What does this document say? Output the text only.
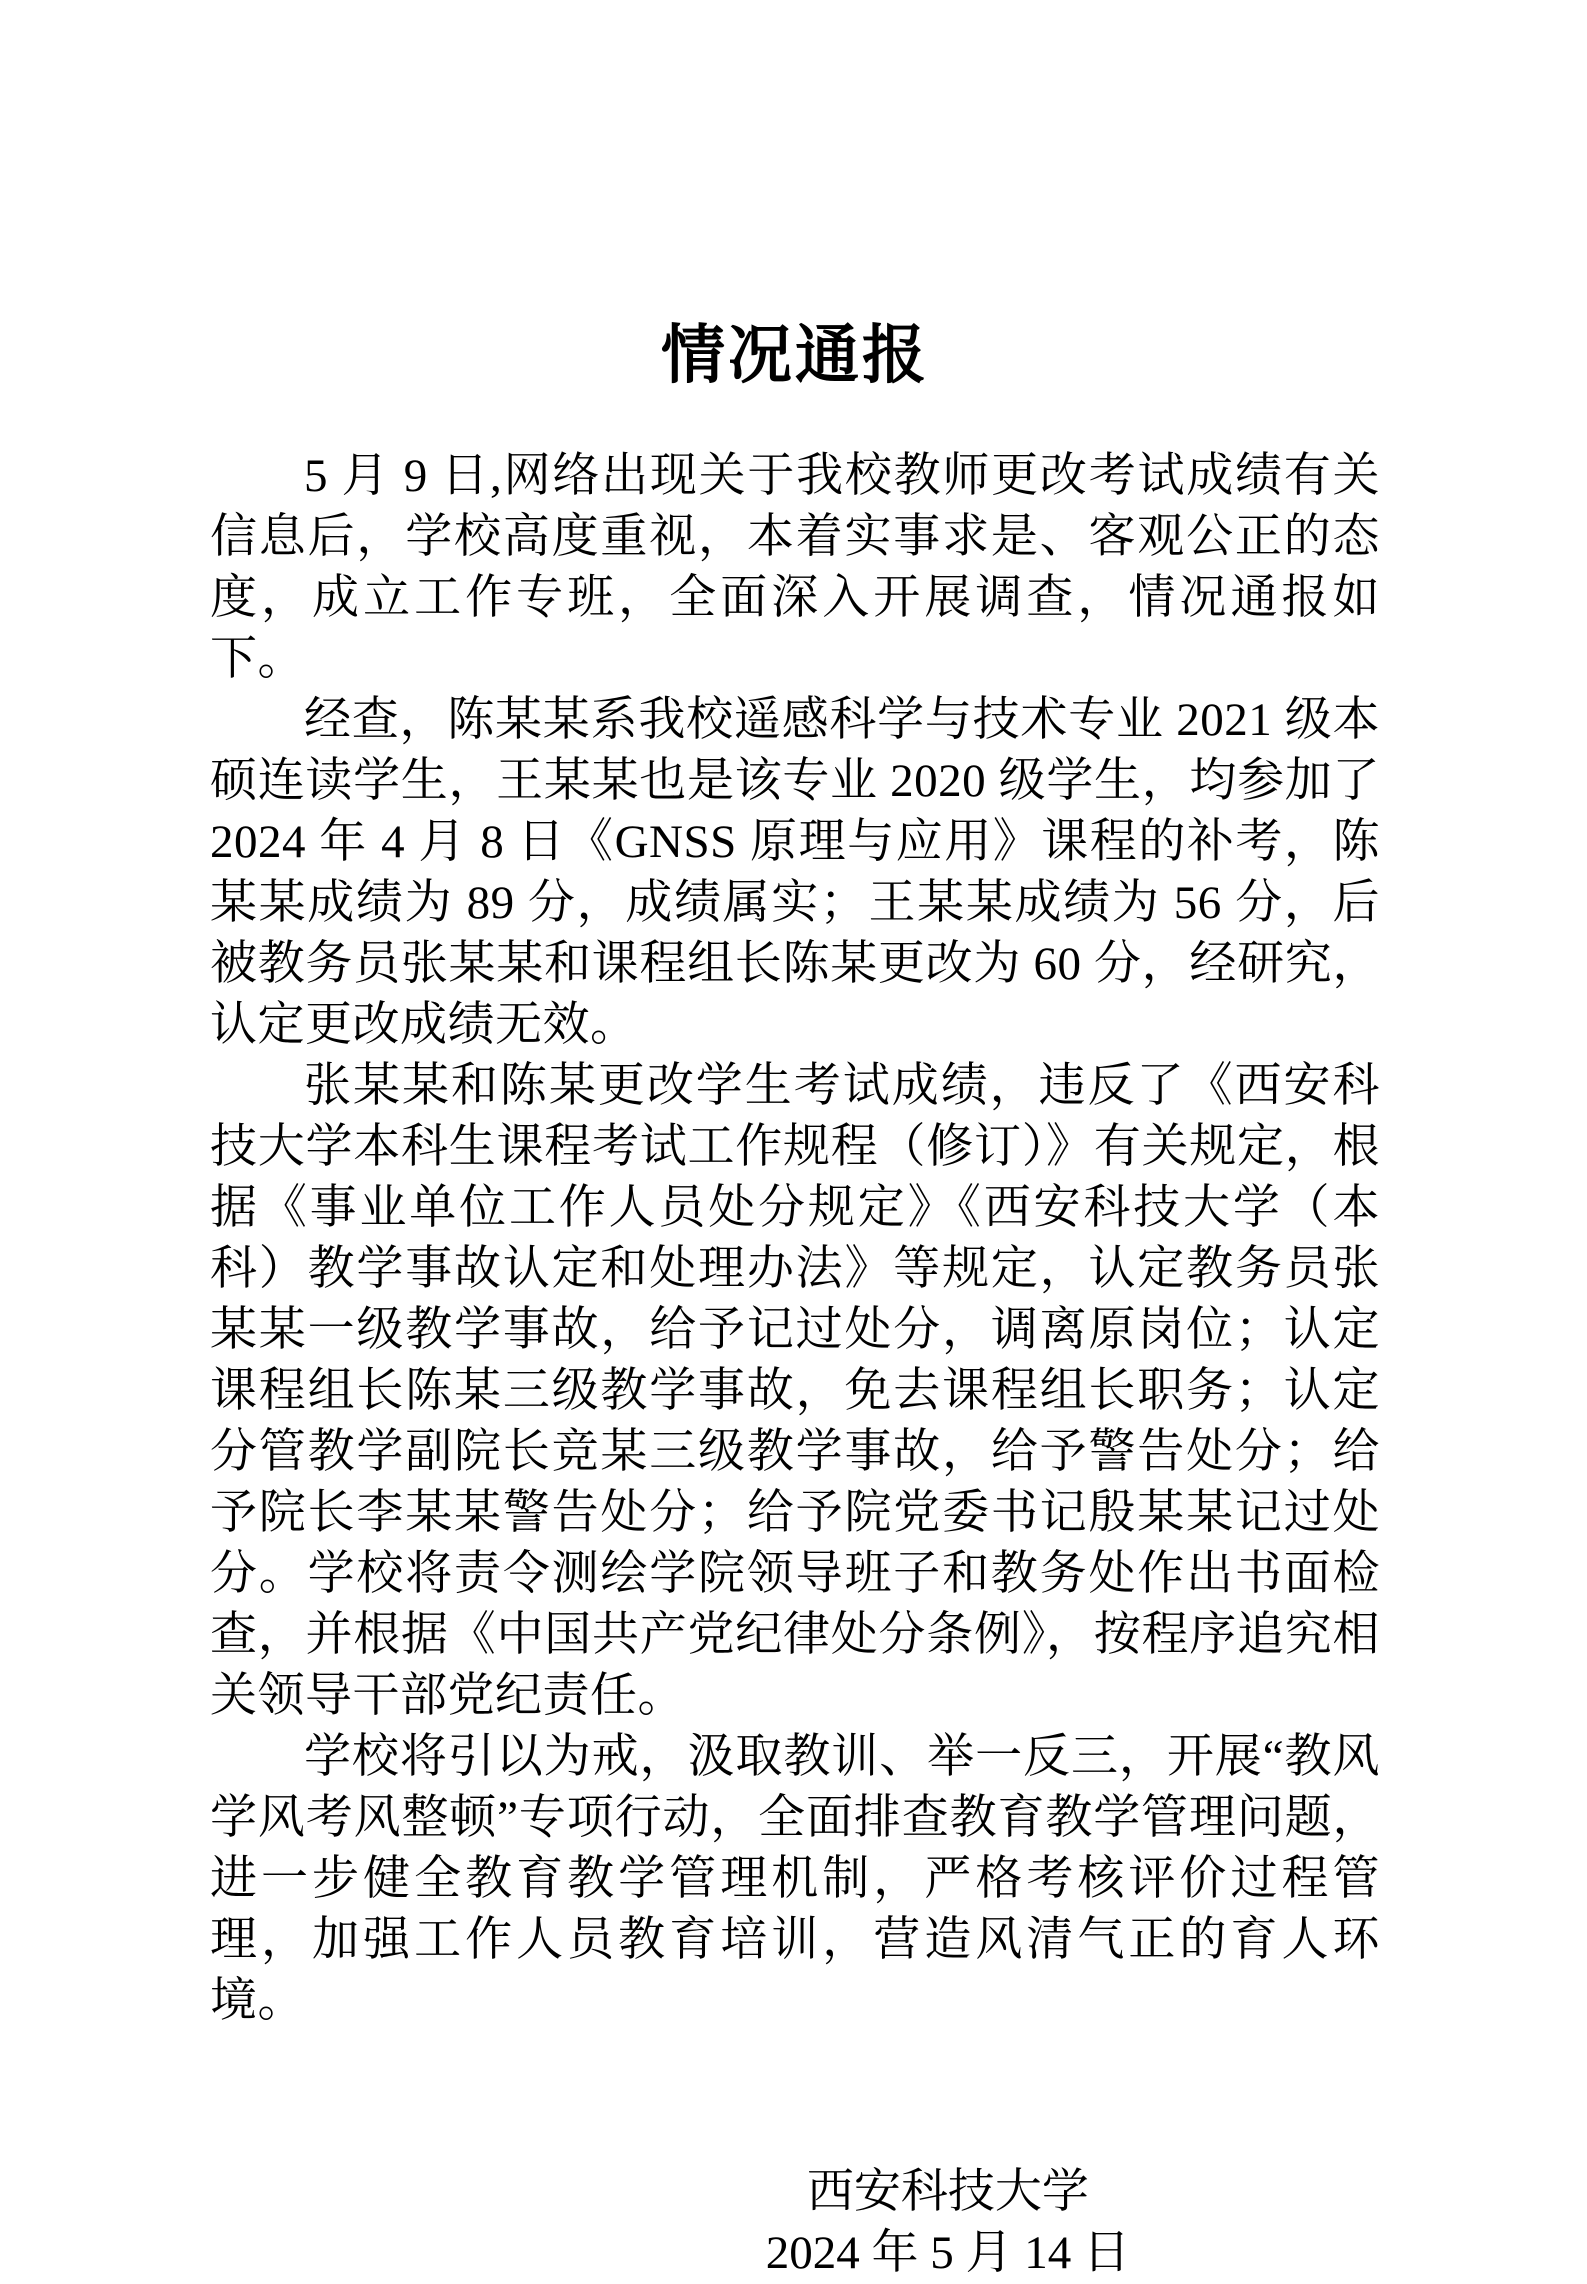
情况通报

5 月 9 日,网络出现关于我校教师更改考试成绩有关信息后，学校高度重视，本着实事求是、客观公正的态度，成立工作专班，全面深入开展调查，情况通报如下。

经查，陈某某系我校遥感科学与技术专业 2021 级本硕连读学生，王某某也是该专业 2020 级学生，均参加了 2024 年 4 月 8 日《GNSS 原理与应用》课程的补考，陈某某成绩为 89 分，成绩属实；王某某成绩为 56 分，后被教务员张某某和课程组长陈某更改为 60 分，经研究，认定更改成绩无效。

张某某和陈某更改学生考试成绩，违反了《西安科技大学本科生课程考试工作规程（修订）》有关规定，根据《事业单位工作人员处分规定》《西安科技大学（本科）教学事故认定和处理办法》等规定，认定教务员张某某一级教学事故，给予记过处分，调离原岗位；认定课程组长陈某三级教学事故，免去课程组长职务；认定分管教学副院长竞某三级教学事故，给予警告处分；给予院长李某某警告处分；给予院党委书记殷某某记过处分。学校将责令测绘学院领导班子和教务处作出书面检查，并根据《中国共产党纪律处分条例》，按程序追究相关领导干部党纪责任。

学校将引以为戒，汲取教训、举一反三，开展“教风学风考风整顿”专项行动，全面排查教育教学管理问题，进一步健全教育教学管理机制，严格考核评价过程管理，加强工作人员教育培训，营造风清气正的育人环境。

西安科技大学
2024 年 5 月 14 日
